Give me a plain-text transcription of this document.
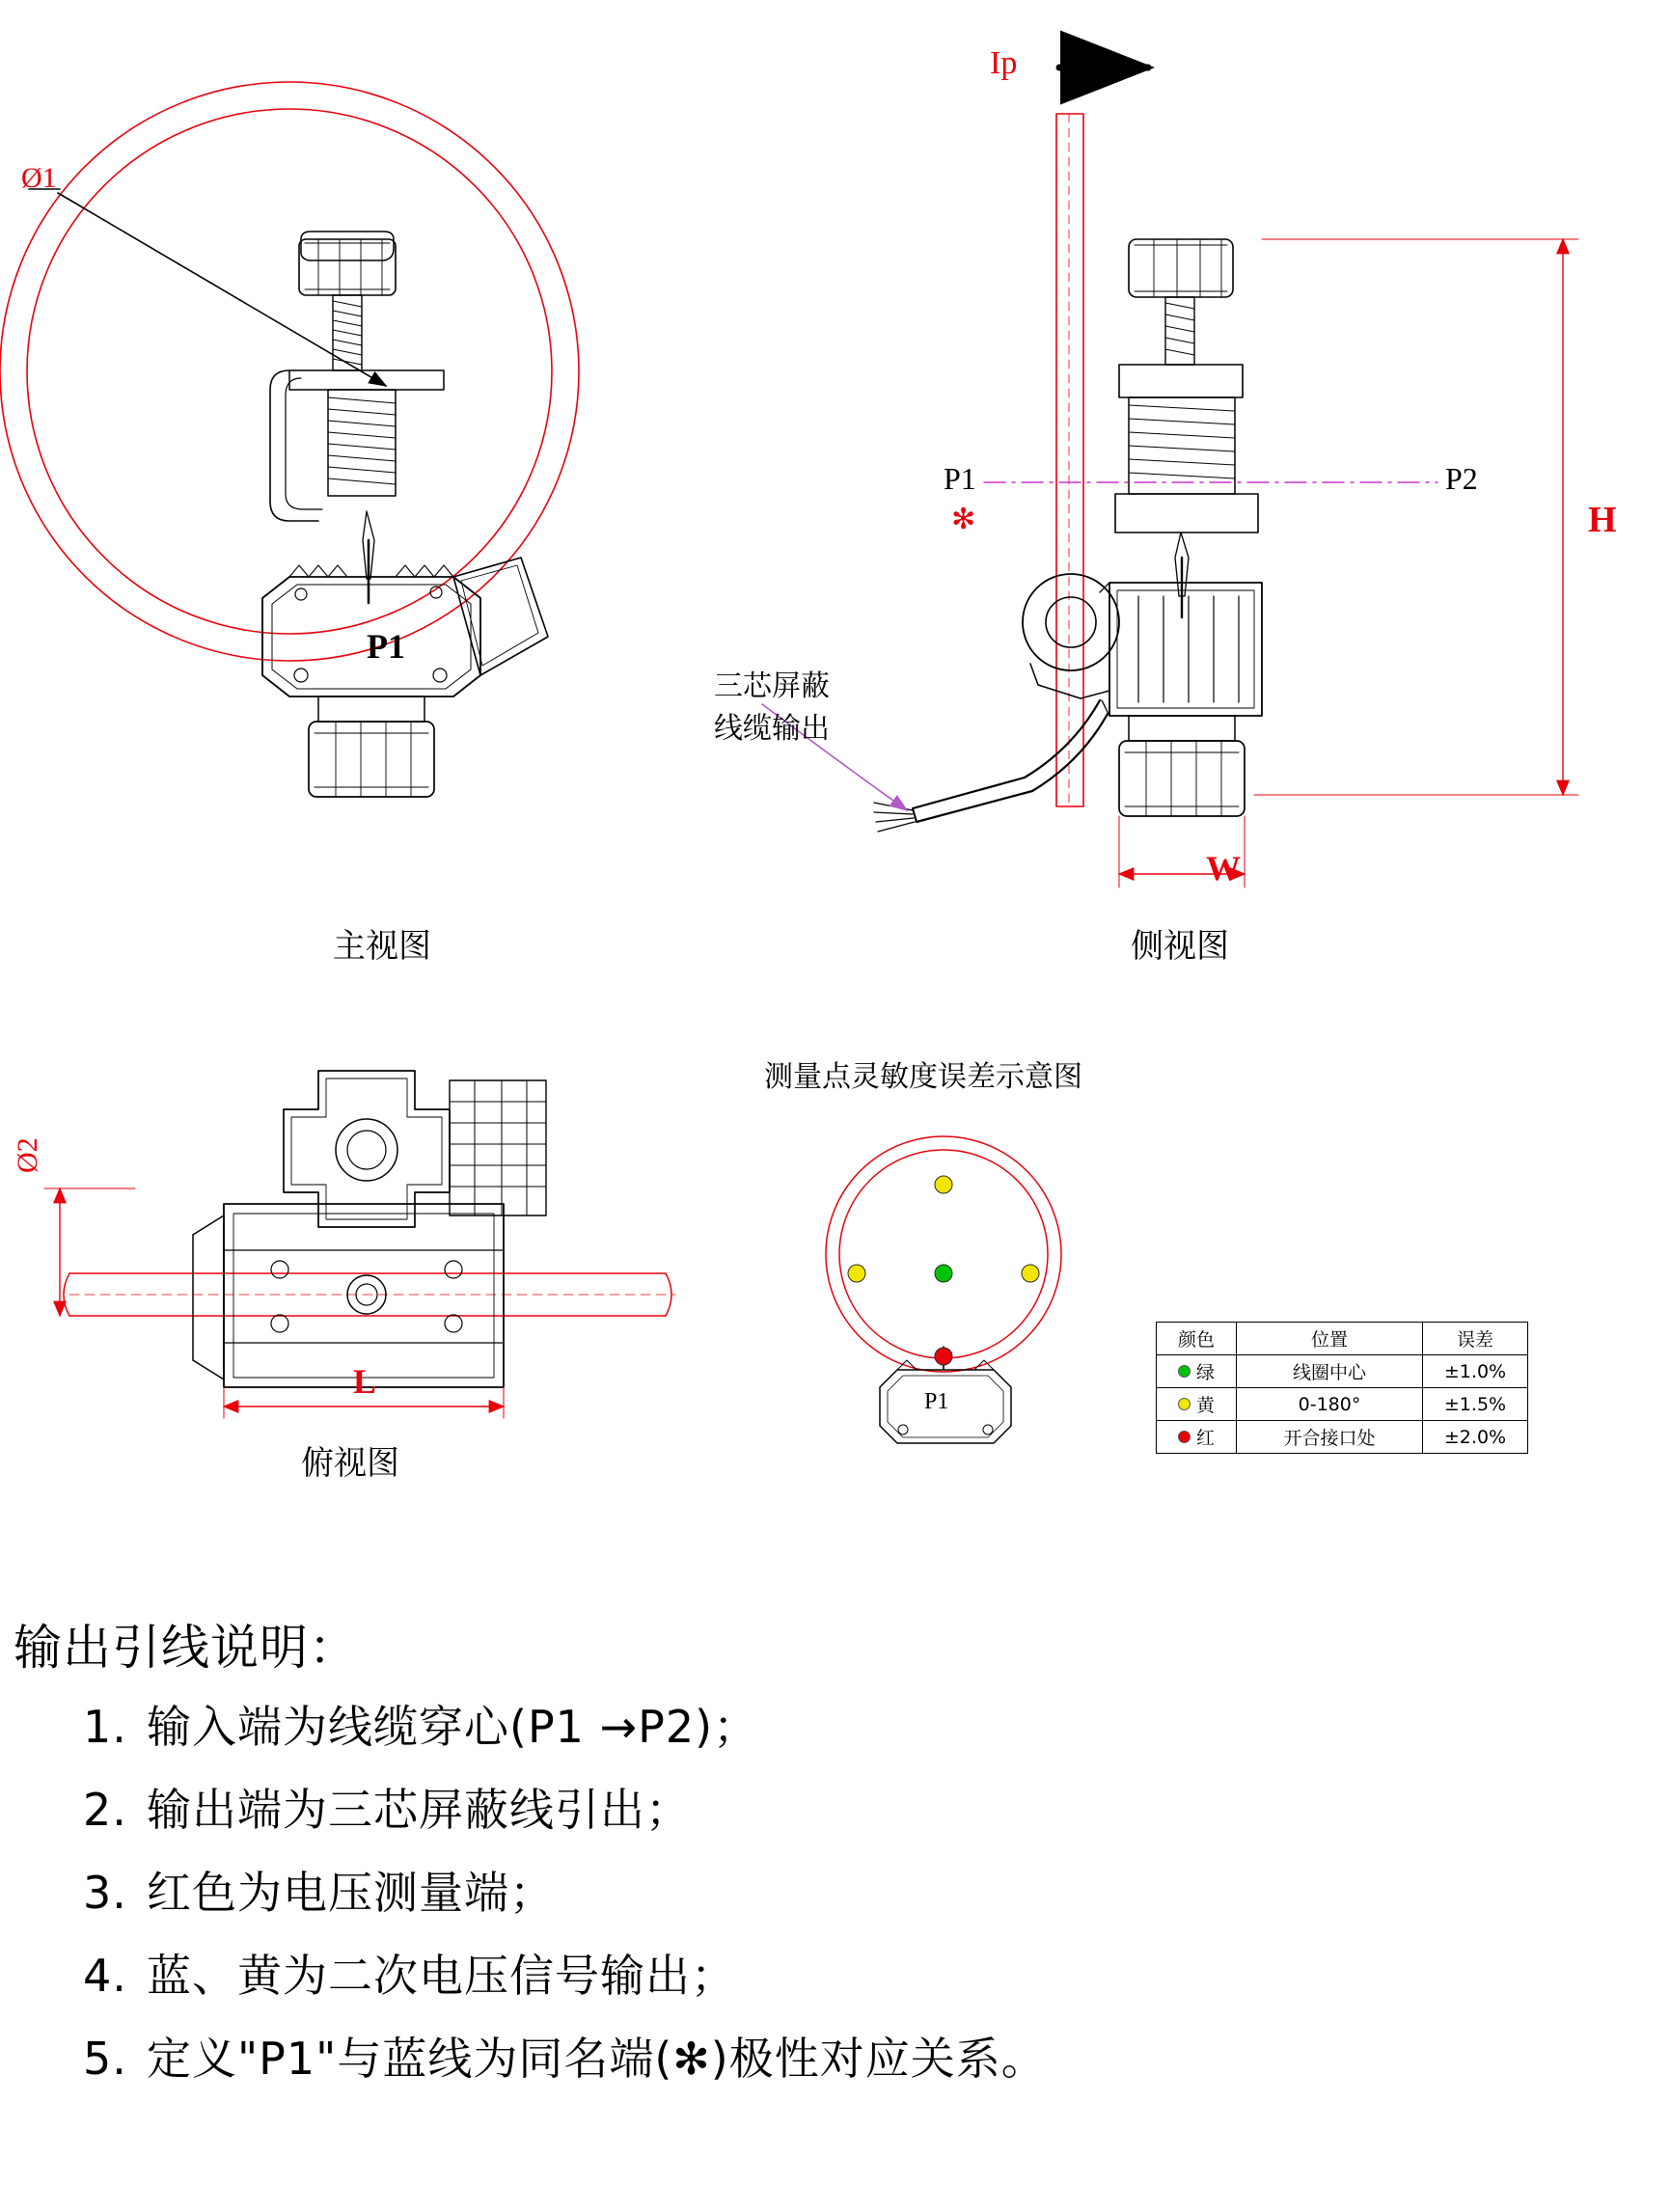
Ø1
P1
主视图
Ip
P1
✻
P2
H
W
三芯屏蔽
线缆输出
侧视图
Ø2
L
俯视图
测量点灵敏度误差示意图
P1
颜色	位置	误差

绿	线圈中心	±1.0%

黄	0-180°	±1.5%

红	开合接口处	±2.0%
输出引线说明：
1. 输入端为线缆穿心(P1 →P2)；
2. 输出端为三芯屏蔽线引出；
3. 红色为电压测量端；
4. 蓝、黄为二次电压信号输出；
5. 定义"P1"与蓝线为同名端(✻)极性对应关系。
